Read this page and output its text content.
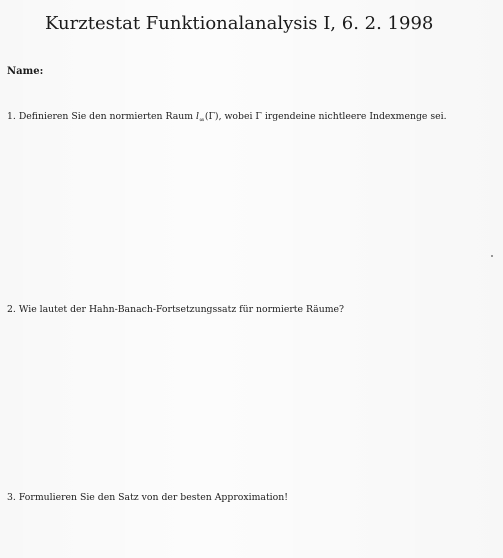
Kurztestat Funktionalanalysis I, 6. 2. 1998
Name:
1. Definieren Sie den normierten Raum $l_\infty(\Gamma)$, wobei Γ irgendeine nichtleere Indexmenge sei.
2. Wie lautet der Hahn-Banach-Fortsetzungssatz für normierte Räume?
3. Formulieren Sie den Satz von der besten Approximation!
